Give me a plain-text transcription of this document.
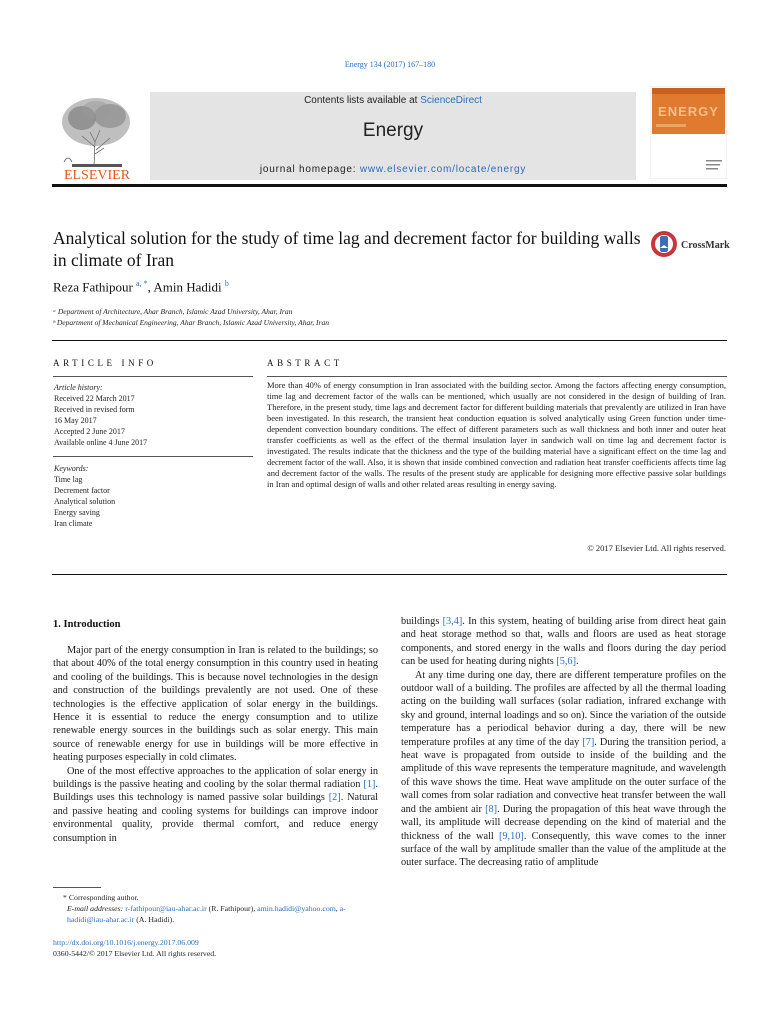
Energy 134 (2017) 167–180
ELSEVIER
Contents lists available at ScienceDirect
Energy
journal homepage: www.elsevier.com/locate/energy
ENERGY
Analytical solution for the study of time lag and decrement factor for building walls in climate of Iran
CrossMark
Reza Fathipour $^{a, *}$, Amin Hadidi $^b$
ᵃ Department of Architecture, Ahar Branch, Islamic Azad University, Ahar, Iran
ᵇ Department of Mechanical Engineering, Ahar Branch, Islamic Azad University, Ahar, Iran
ARTICLE INFO	ABSTRACT
Article history:
Received 22 March 2017
Received in revised form
16 May 2017
Accepted 2 June 2017
Available online 4 June 2017
Keywords:
Time lag
Decrement factor
Analytical solution
Energy saving
Iran climate
More than 40% of energy consumption in Iran associated with the building sector. Among the factors affecting energy consumption, time lag and decrement factor of the walls can be mentioned, which usually are not considered in the design of building of Iran. Therefore, in the present study, time lags and decrement factor for different building materials that prevalently are utilized in Iran have been investigated. In this research, the transient heat conduction equation is solved analytically using Green function under time-dependent convection boundary conditions. The effect of different parameters such as wall thickness and both inner and outer heat transfer coefficients as well as the effect of the thermal insulation layer in sandwich wall on time lag and decrement factor is investigated. The results indicate that the thickness and the type of the building material have a significant effect on the time lag and decrement factor of the wall. Also, it is shown that inside combined convection and radiation heat transfer coefficients affects time lag and decrement factor of the walls. The results of the present study are applicable for designing more effective passive solar buildings in Iran and optimal design of walls and other related areas resulting in energy saving.
© 2017 Elsevier Ltd. All rights reserved.
1. Introduction

Major part of the energy consumption in Iran is related to the buildings; so that about 40% of the total energy consumption in this country used in heating and cooling of the buildings. This is because novel technologies in the design and construction of the buildings prevalently are not used. One of these technologies is the effective application of solar energy in the buildings. Hence it is essential to reduce the energy consumption and to utilize renewable energy sources in the buildings such as solar energy. This main source of renewable energy for use in buildings will be more effective in heating purposes especially in cold climates.

One of the most effective approaches to the application of solar energy in buildings is the passive heating and cooling by the solar thermal radiation [1]. Buildings uses this technology is named passive solar buildings [2]. Natural and passive heating and cooling systems for buildings can improve indoor environmental quality, provide thermal comfort, and reduce energy consumption in

buildings [3,4]. In this system, heating of building arise from direct heat gain and heat storage method so that, walls and floors are used as heat storage components, and stored energy in the walls and floors during the day period can be used for heating during nights [5,6].

At any time during one day, there are different temperature profiles on the outdoor wall of a building. The profiles are affected by all the thermal loading acting on the building wall surfaces (solar radiation, infrared exchange with sky and ground, internal loadings and so on). Since the variation of the outside temperature has a periodical behavior during a day, there will be new temperature profiles at any time of the day [7]. During the transition period, a heat wave is propagated from outside to inside of the building and the amplitude of this wave represents the temperature magnitude, and wavelength of this wave shows the time. Heat wave amplitude on the outer surface of the wall comes from solar radiation and convective heat transfer between the wall and the ambient air [8]. During the propagation of this heat wave through the wall, its amplitude will decrease depending on the kind of material and the thickness of the wall [9,10]. Consequently, this wave comes to the inner surface of the wall by amplitude smaller than the value of the amplitude at the outer surface. The decreasing ratio of amplitude

* Corresponding author.
E-mail addresses: r-fathipour@iau-ahar.ac.ir (R. Fathipour), amin.hadidi@yahoo.com, a-hadidi@iau-ahar.ac.ir (A. Hadidi).
http://dx.doi.org/10.1016/j.energy.2017.06.009
0360-5442/© 2017 Elsevier Ltd. All rights reserved.
